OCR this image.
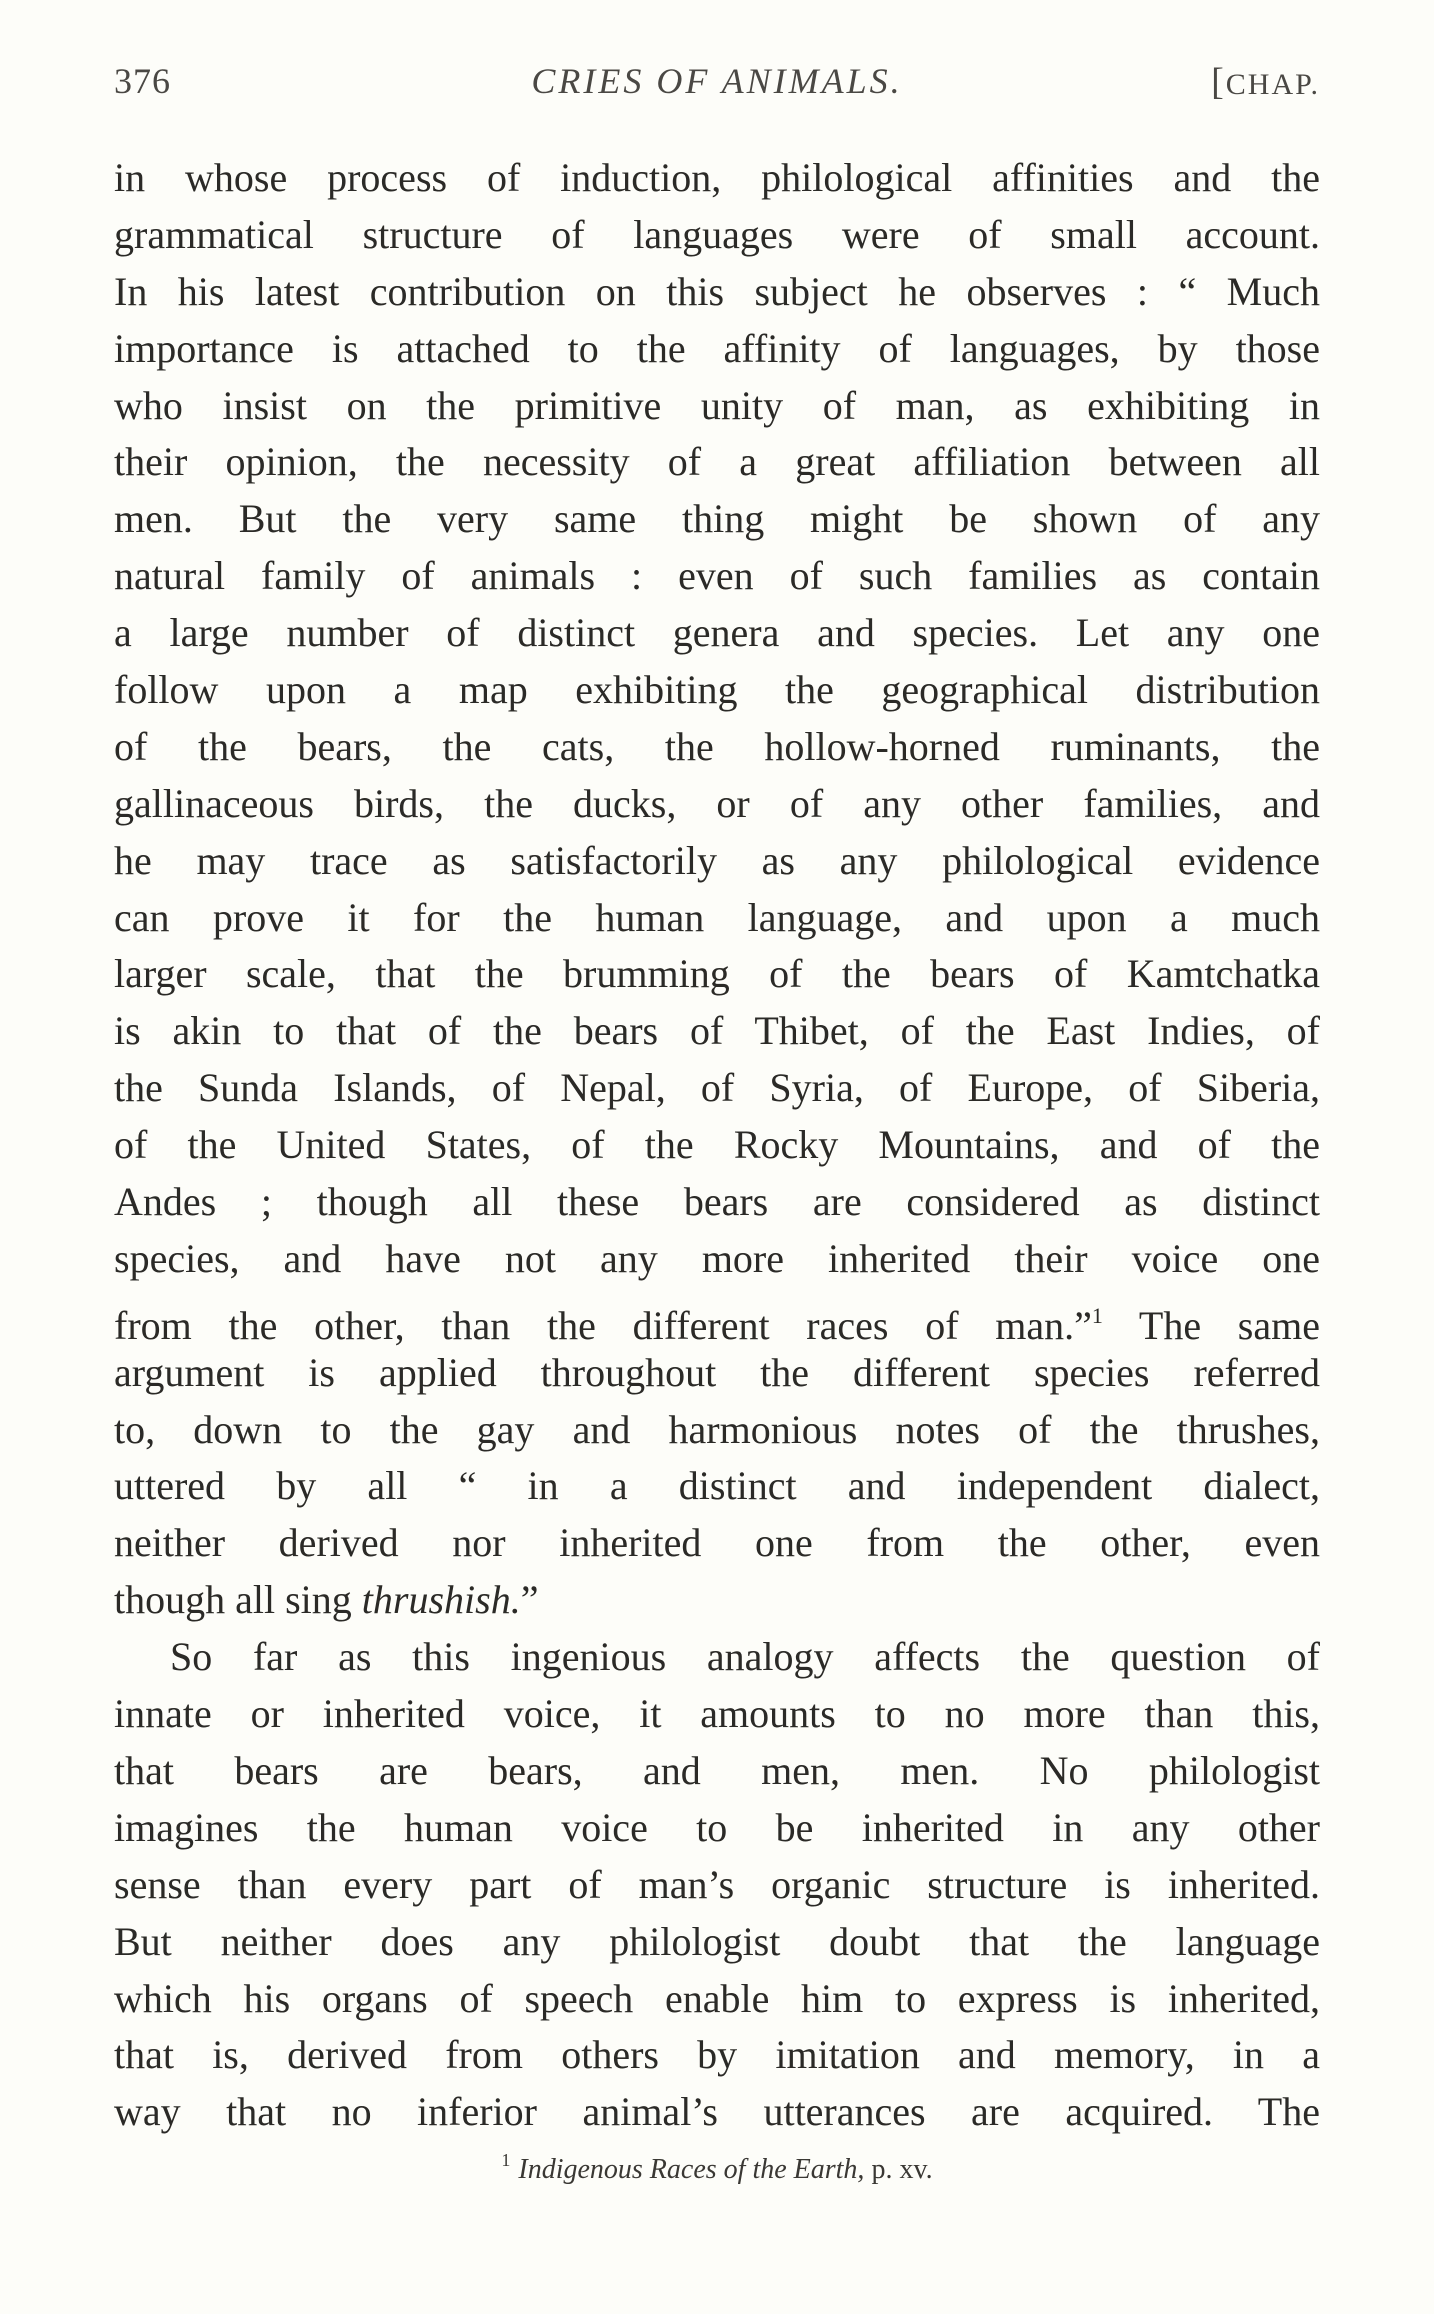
376	CRIES OF ANIMALS.	[CHAP.
in whose process of induction, philological affinities and the
grammatical structure of languages were of small account.
In his latest contribution on this subject he observes : “ Much
importance is attached to the affinity of languages, by those
who insist on the primitive unity of man, as exhibiting in
their opinion, the necessity of a great affiliation between all
men. But the very same thing might be shown of any
natural family of animals : even of such families as contain
a large number of distinct genera and species. Let any one
follow upon a map exhibiting the geographical distribution
of the bears, the cats, the hollow-horned ruminants, the
gallinaceous birds, the ducks, or of any other families, and
he may trace as satisfactorily as any philological evidence
can prove it for the human language, and upon a much
larger scale, that the brumming of the bears of Kamtchatka
is akin to that of the bears of Thibet, of the East Indies, of
the Sunda Islands, of Nepal, of Syria, of Europe, of Siberia,
of the United States, of the Rocky Mountains, and of the
Andes ; though all these bears are considered as distinct
species, and have not any more inherited their voice one
from the other, than the different races of man.”$^1$ The same
argument is applied throughout the different species referred
to, down to the gay and harmonious notes of the thrushes,
uttered by all “ in a distinct and independent dialect,
neither derived nor inherited one from the other, even
though all sing thrushish.”
So far as this ingenious analogy affects the question of
innate or inherited voice, it amounts to no more than this,
that bears are bears, and men, men. No philologist
imagines the human voice to be inherited in any other
sense than every part of man’s organic structure is inherited.
But neither does any philologist doubt that the language
which his organs of speech enable him to express is inherited,
that is, derived from others by imitation and memory, in a
way that no inferior animal’s utterances are acquired. The
$^1$ Indigenous Races of the Earth, p. xv.
